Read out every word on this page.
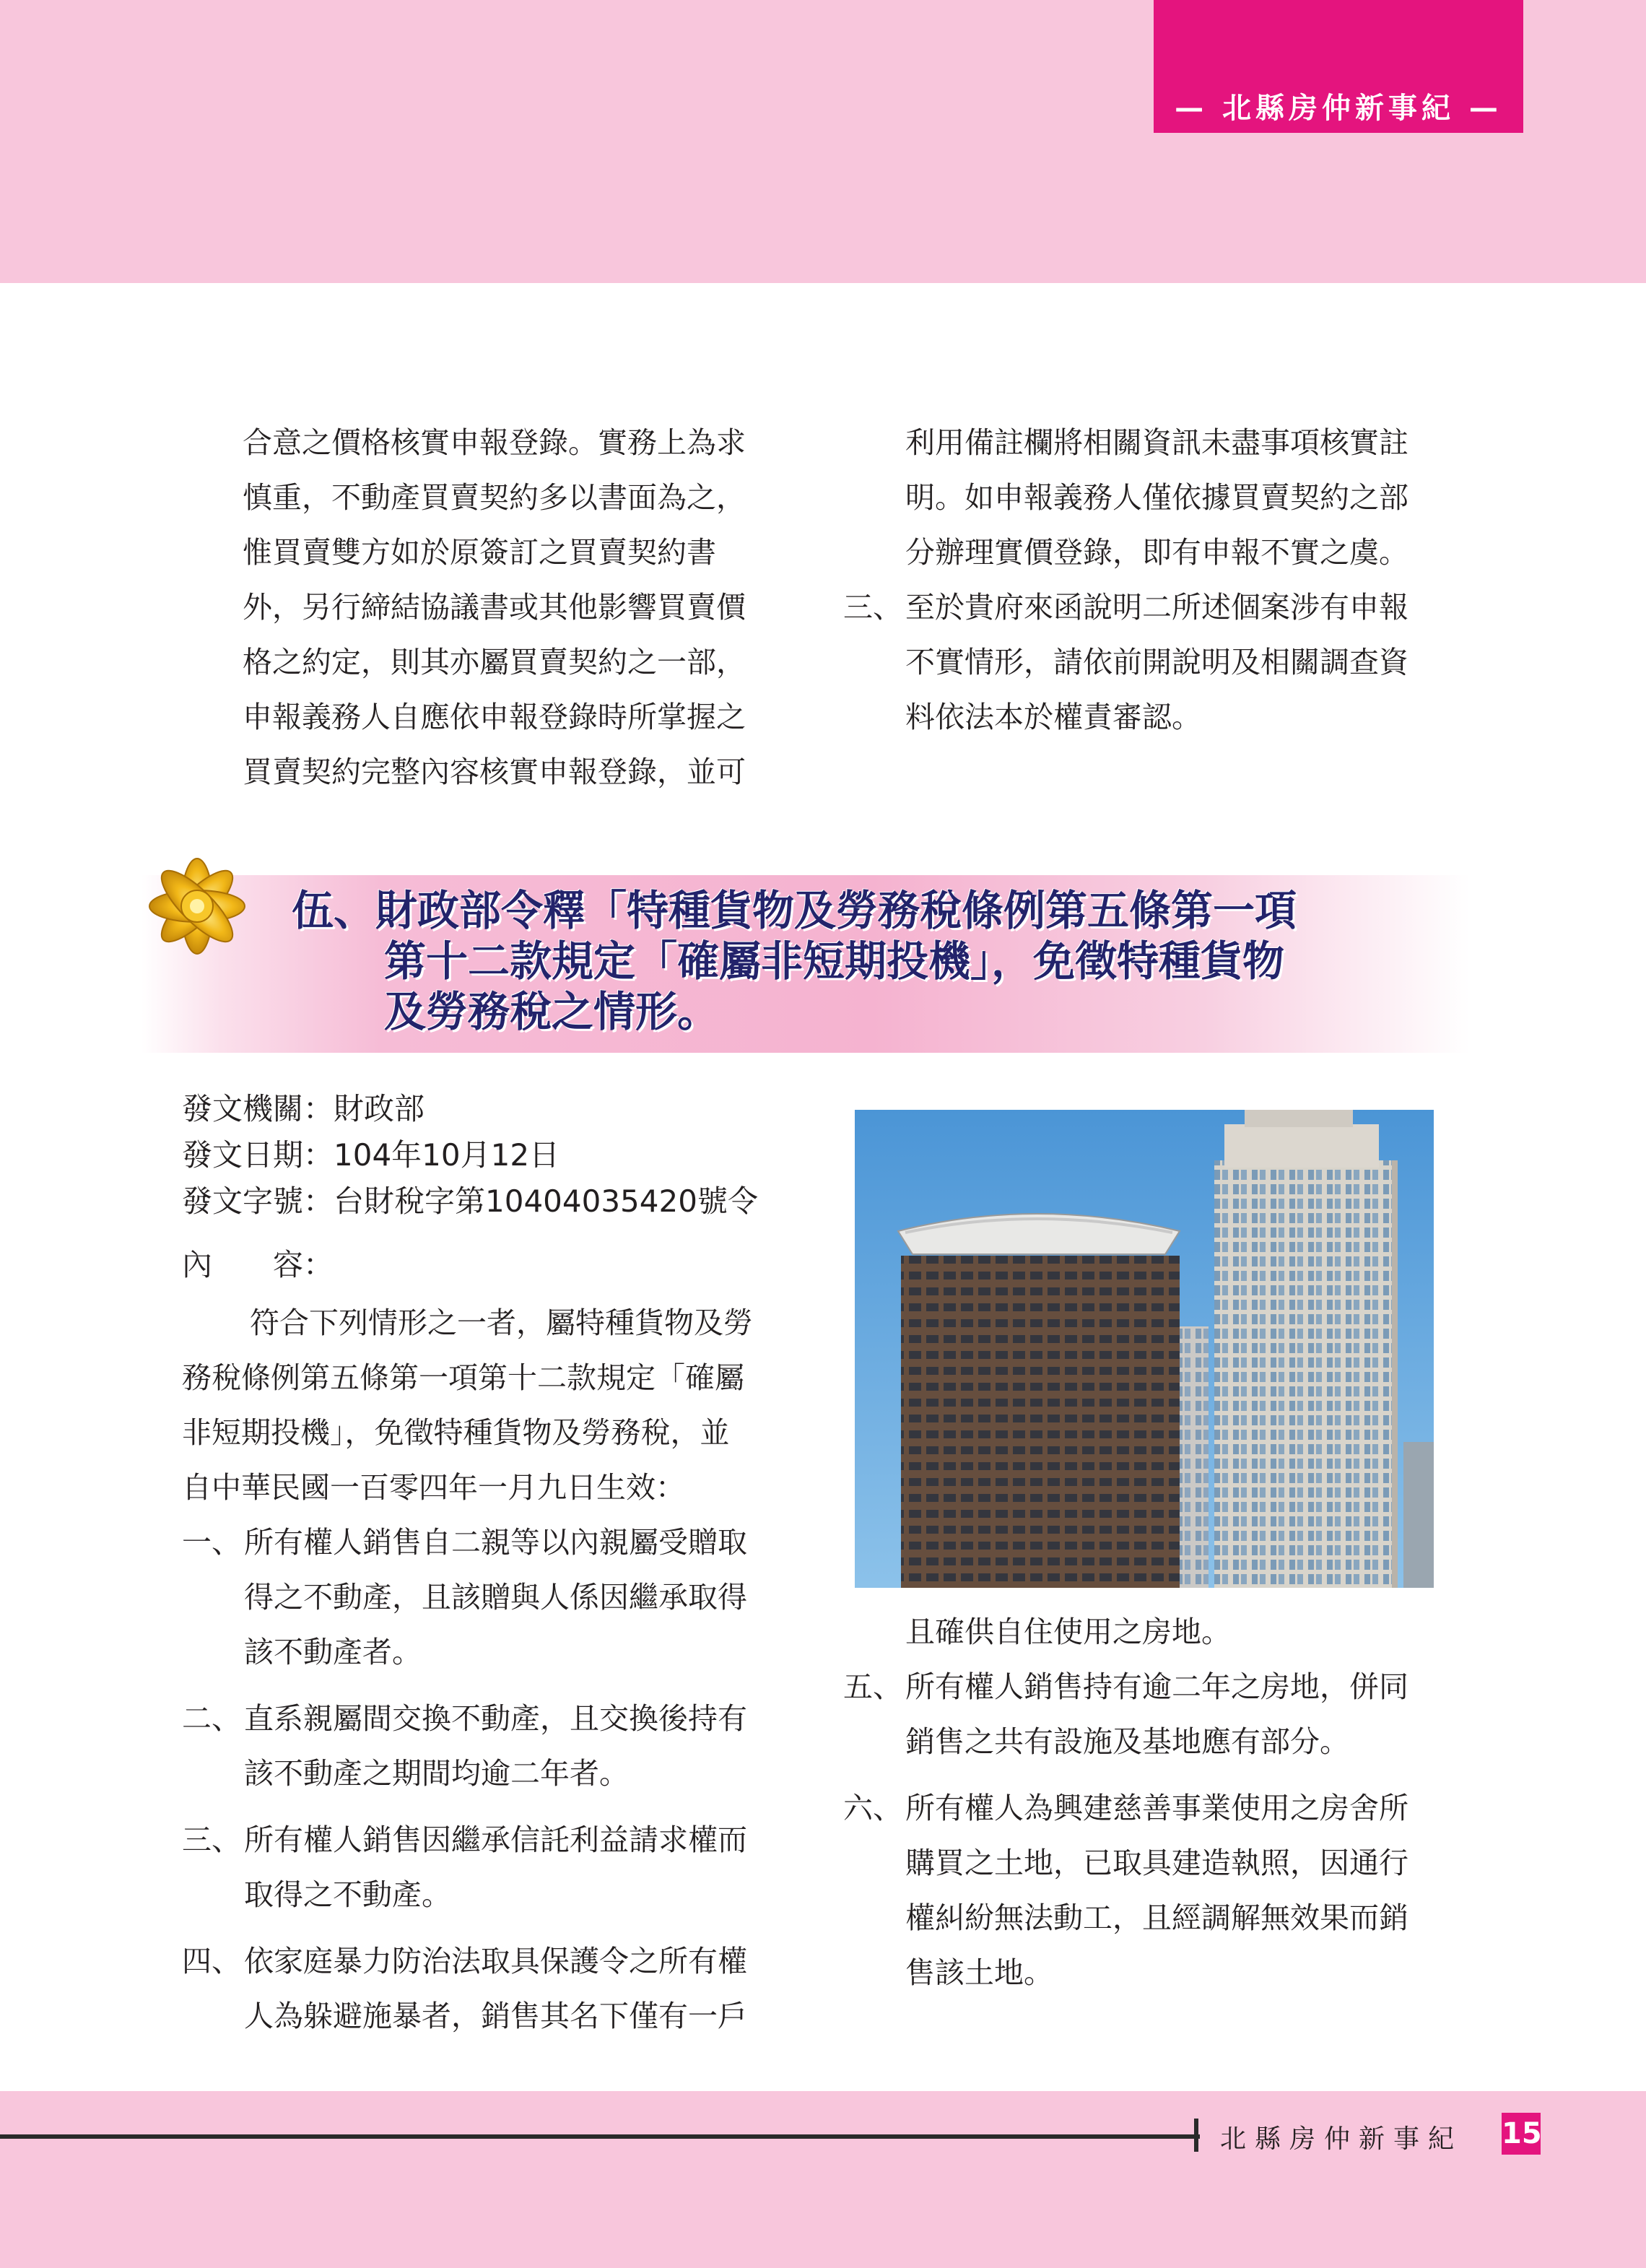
— 北縣房仲新事紀 —
合意之價格核實申報登錄。實務上為求
慎重，不動產買賣契約多以書面為之，
惟買賣雙方如於原簽訂之買賣契約書
外，另行締結協議書或其他影響買賣價
格之約定，則其亦屬買賣契約之一部，
申報義務人自應依申報登錄時所掌握之
買賣契約完整內容核實申報登錄，並可
利用備註欄將相關資訊未盡事項核實註
明。如申報義務人僅依據買賣契約之部
分辦理實價登錄，即有申報不實之虞。
三、 至於貴府來函說明二所述個案涉有申報
不實情形，請依前開說明及相關調查資
料依法本於權責審認。
伍、財政部令釋「特種貨物及勞務稅條例第五條第一項
第十二款規定「確屬非短期投機」，免徵特種貨物
及勞務稅之情形。
發文機關：財政部
發文日期：104年10月12日
發文字號：台財稅字第10404035420號令
內　　容：
符合下列情形之一者，屬特種貨物及勞
務稅條例第五條第一項第十二款規定「確屬
非短期投機」，免徵特種貨物及勞務稅，並
自中華民國一百零四年一月九日生效：
一、 所有權人銷售自二親等以內親屬受贈取
得之不動產，且該贈與人係因繼承取得
該不動產者。
二、 直系親屬間交換不動產，且交換後持有
該不動產之期間均逾二年者。
三、 所有權人銷售因繼承信託利益請求權而
取得之不動產。
四、 依家庭暴力防治法取具保護令之所有權
人為躲避施暴者，銷售其名下僅有一戶
且確供自住使用之房地。
五、 所有權人銷售持有逾二年之房地，併同
銷售之共有設施及基地應有部分。
六、 所有權人為興建慈善事業使用之房舍所
購買之土地，已取具建造執照，因通行
權糾紛無法動工，且經調解無效果而銷
售該土地。
北縣房仲新事紀 15
